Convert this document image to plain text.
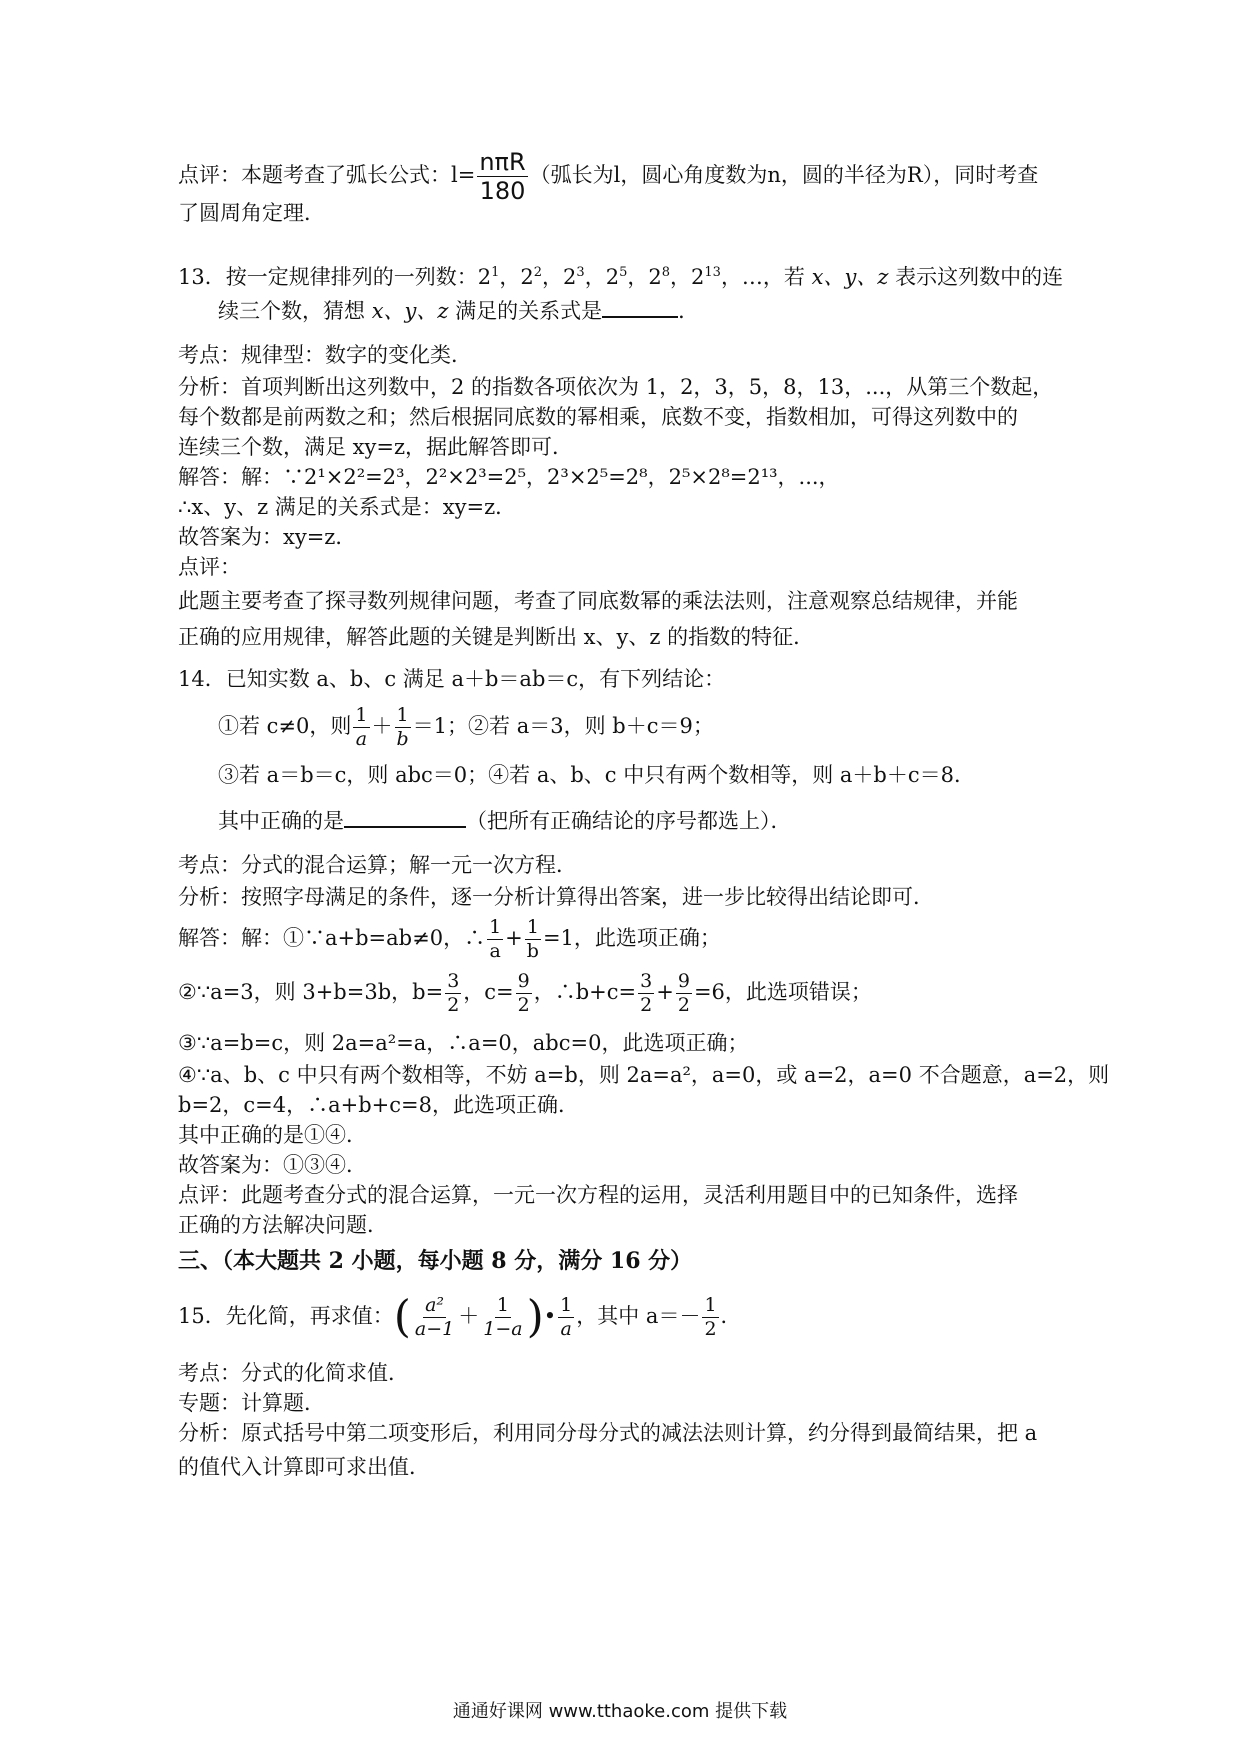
点评：本题考查了弧长公式：$l= \frac{\text{nπR}}{180}$ （弧长为l，圆心角度数为n，圆的半径为R），同时考查
了圆周角定理．
13．按一定规律排列的一列数：$2^1$，$2^2$，$2^3$，$2^5$，$2^8$，$2^{13}$，…，若 x、y、z 表示这列数中的连
续三个数，猜想 x、y、z 满足的关系式是	．
考点：规律型：数字的变化类．
分析：首项判断出这列数中，2 的指数各项依次为 1，2，3，5，8，13，...，从第三个数起，
每个数都是前两数之和；然后根据同底数的幂相乘，底数不变，指数相加，可得这列数中的
连续三个数，满足 xy=z，据此解答即可．
解答：解：∵2¹×2²=2³，2²×2³=2⁵，2³×2⁵=2⁸，2⁵×2⁸=2¹³，...，
∴x、y、z 满足的关系式是：xy=z．
故答案为：xy=z．
点评：
此题主要考查了探寻数列规律问题，考查了同底数幂的乘法法则，注意观察总结规律，并能
正确的应用规律，解答此题的关键是判断出 x、y、z 的指数的特征．
14．已知实数 a、b、c 满足 a＋b＝ab＝c，有下列结论：
①若 c≠0，则 $\frac{1}{a} + \frac{1}{b} =1$；②若 a＝3，则 b＋c＝9；
③若 a＝b＝c，则 abc＝0；④若 a、b、c 中只有两个数相等，则 a＋b＋c＝8．
其中正确的是	（把所有正确结论的序号都选上）．
考点：分式的混合运算；解一元一次方程．
分析：按照字母满足的条件，逐一分析计算得出答案，进一步比较得出结论即可．
解答：解：①∵a+b=ab≠0，∴ $\frac{1}{a} + \frac{1}{b} =1$，此选项正确；
②∵a=3，则 3+b=3b，$b= \frac{3}{2}$ ，$c= \frac{9}{2}$ ，∴b+c= $\frac{3}{2} + \frac{9}{2} =6$，此选项错误；
③∵a=b=c，则 2a=a²=a，∴a=0，abc=0，此选项正确；
④∵a、b、c 中只有两个数相等，不妨 a=b，则 2a=a²，a=0，或 a=2，a=0 不合题意，a=2，则
b=2，c=4，∴a+b+c=8，此选项正确．
其中正确的是①④．
故答案为：①③④．
点评：此题考查分式的混合运算，一元一次方程的运用，灵活利用题目中的已知条件，选择
正确的方法解决问题．
三、（本大题共 2 小题，每小题 8 分，满分 16 分）
15．先化简，再求值：( $\frac{\text{a²}}{a-1} + \frac{1}{1-a}$ )• $\frac{1}{a}$ ，其中 $a=- \frac{1}{2}$ ．
考点：分式的化简求值．
专题：计算题．
分析：原式括号中第二项变形后，利用同分母分式的减法法则计算，约分得到最简结果，把 a
的值代入计算即可求出值．
通通好课网 www.tthaoke.com 提供下载
